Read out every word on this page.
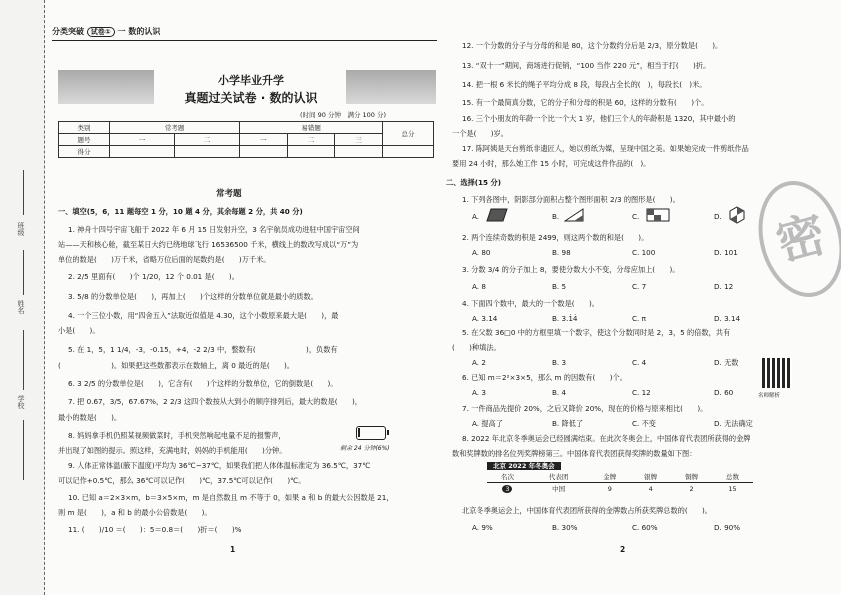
班级
姓名
学校
分类突破 试卷① 一 数的认识
小学毕业升学
真题过关试卷 · 数的认识
(时间 90 分钟　满分 100 分)
类别	常考题		易错题			总分
题号	一	二	一	二	三	
得分						
常考题
一、填空(5，6，11 题每空 1 分，10 题 4 分，其余每题 2 分，共 40 分)
1. 神舟十四号宇宙飞船于 2022 年 6 月 15 日发射升空，3 名宇航员成功进驻中国宇宙空间
站——天和核心舱，截至某日大约已绕地球飞行 16536500 千米，横线上的数改写成以“万”为
单位的数是(　　)万千米，省略万位后面的尾数约是(　　)万千米。
2. 2/5 里面有(　　)个 1/20，12 个 0.01 是(　　)。
3. 5/8 的分数单位是(　　)，再加上(　　)个这样的分数单位就是最小的质数。
4. 一个三位小数，用“四舍五入”法取近似值是 4.30，这个小数原来最大是(　　)，最
小是(　　)。
5. 在 1，5，1 1/4，-3，-0.15，+4，-2 2/3 中，整数有(　　　　　　　)，负数有
(　　　　　　　)。如果把这些数都表示在数轴上，离 0 最近的是(　　)。
6. 3 2/5 的分数单位是(　　)，它含有(　　)个这样的分数单位，它的倒数是(　　)。
7. 把 0.67，3/5，67.67%，2 2/3 这四个数按从大到小的顺序排列后，最大的数是(　　)，
最小的数是(　　)。
8. 妈妈拿手机仍照某视频做菜时，手机突然响起电量不足的报警声，
并出现了如图的提示。照这样，充满电时，妈妈的手机能用(　　)分钟。
9. 人体正常体温(腋下温度)平均为 36℃~37℃，如果我们把人体体温标准定为 36.5℃，37℃
可以记作+0.5℃，那么 36℃可以记作(　　)℃，37.5℃可以记作(　　)℃。
10. 已知 a＝2×3×m，b＝3×5×m，m 是自然数且 m 不等于 0，如果 a 和 b 的最大公因数是 21，
则 m 是(　　)，a 和 b 的最小公倍数是(　　)。
11. (　　)/10 ＝(　　)：5＝0.8＝(　　)折＝(　　)%
剩余 24 分钟(6%)
1
12. 一个分数的分子与分母的和是 80，这个分数约分后是 2/3，原分数是(　　)。
13. “双十一”期间，商场进行促销，“100 当作 220 元”，相当于打(　　)折。
14. 把一根 6 米长的绳子平均分成 8 段，每段占全长的(　)，每段长(　)米。
15. 有一个最简真分数，它的分子和分母的积是 60，这样的分数有(　　)个。
16. 三个小朋友的年龄一个比一个大 1 岁，他们三个人的年龄积是 1320，其中最小的
一个是(　　)岁。
17. 陈阿姨是天台剪纸非遗匠人，她以剪纸为媒，呈现中国之美。如果她完成一件剪纸作品
要用 24 小时，那么她工作 15 小时，可完成这件作品的(　)。
二、选择(15 分)
1. 下列各图中，阴影部分面积占整个图形面积 2/3 的图形是(　　)。
A.	B.	C.	D.
2. 两个连续奇数的积是 2499，则这两个数的和是(　　)。
A. 80	B. 98	C. 100	D. 101
3. 分数 3/4 的分子加上 8，要使分数大小不变，分母应加上(　　)。
A. 8	B. 5	C. 7	D. 12
4. 下面四个数中，最大的一个数是(　　)。
A. 3.14	B. 3.1̇4̇	C. π	D. 3.14
5. 在父数 36□0 中的方框里填一个数字，使这个分数同时是 2，3，5 的倍数，共有
(　　)种填法。
A. 2	B. 3	C. 4	D. 无数
6. 已知 m＝2²×3×5，那么 m 的因数有(　　)个。
A. 3	B. 4	C. 12	D. 60
7. 一件商品先提价 20%，之后又降价 20%，现在的价格与原来相比(　　)。
A. 提高了	B. 降低了	C. 不变	D. 无法确定
8. 2022 年北京冬季奥运会已经圆满结束。在此次冬奥会上，中国体育代表团所获得的金牌
数和奖牌数的排名位列奖牌榜第三。中国体育代表团获得奖牌的数量如下图：
北京冬季奥运会上，中国体育代表团所获得的金牌数占所获奖牌总数的(　　)。
A. 9%	B. 30%	C. 60%	D. 90%
北京 2022 年冬奥会					
名次	代表团	金牌	银牌	铜牌	总数
3	中国	9	4	2	15
密
名师解析
2
